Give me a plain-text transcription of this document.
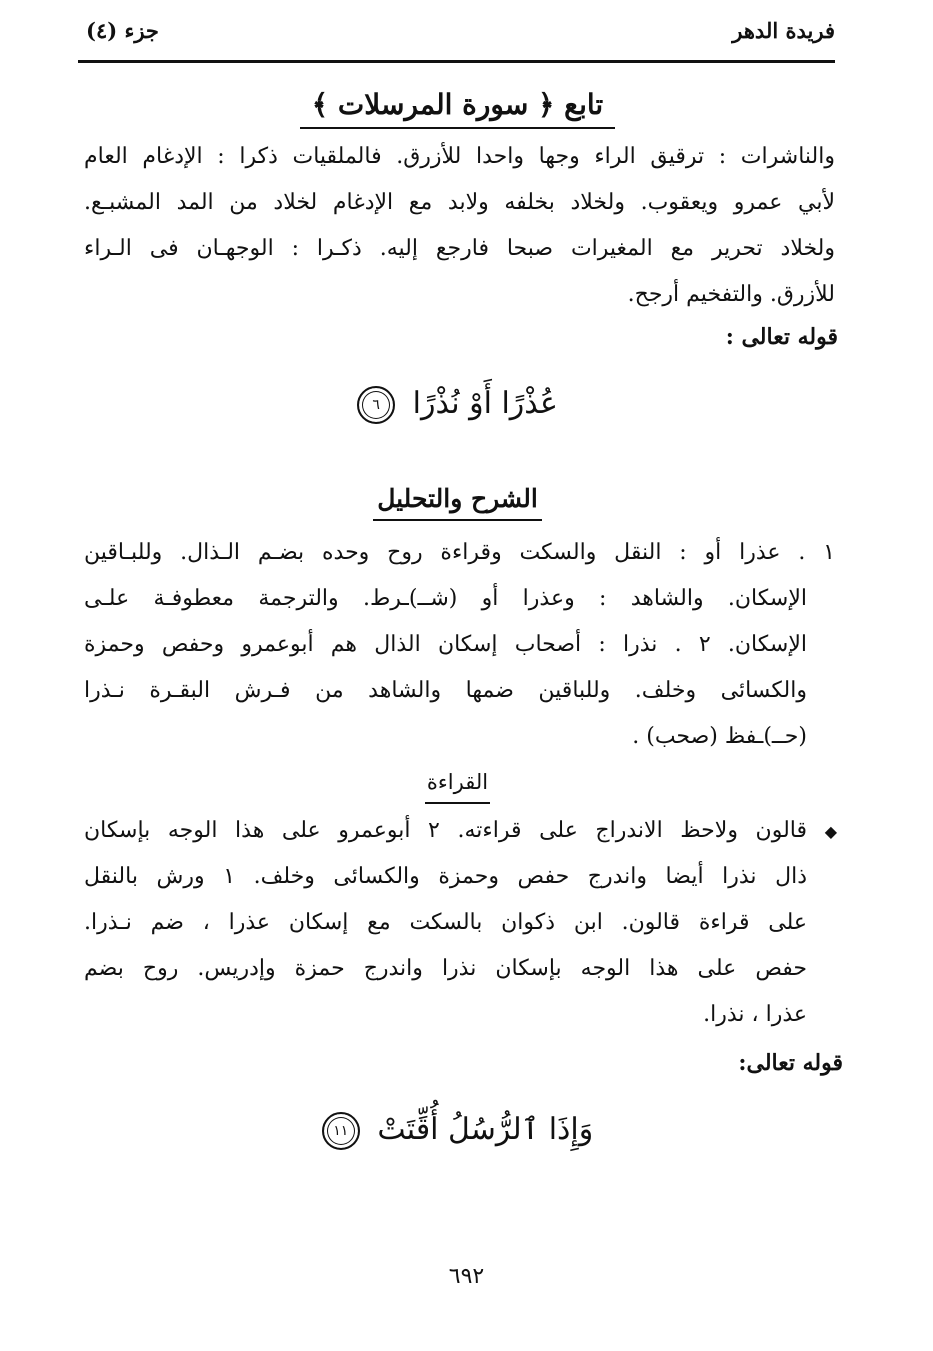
فريدة الدهر
جزء (٤)
تابع ﴿ سورة المرسلات ﴾
والناشرات : ترقيق الراء وجها واحدا للأزرق. فالملقيات ذكرا : الإدغام العام
لأبي عمرو ويعقوب. ولخلاد بخلفه ولابد مع الإدغام لخلاد من المد المشبـع.
ولخلاد تحرير مع المغيرات صبحا فارجع إليه. ذكـرا : الوجهـان فى الـراء
للأزرق. والتفخيم أرجح.
قوله تعالى :
عُذْرًا أَوْ نُذْرًا ٦
الشرح والتحليل
١ . عذرا أو : النقل والسكت وقراءة روح وحده بضـم الـذال. وللبـاقين
الإسكان. والشاهد : وعذرا أو (شــ)ـرط. والترجمة معطوفـة علـى
الإسكان. ٢ . نذرا : أصحاب إسكان الذال هم أبوعمرو وحفص وحمزة
والكسائى وخلف. وللباقين ضمها والشاهد من فـرش البقـرة نـذرا
(حــ)ـفظ (صحب) .
القراءة
◆
قالون ولاحظ الاندراج على قراءته. ٢ أبوعمرو على هذا الوجه بإسكان
ذال نذرا أيضا واندرج حفص وحمزة والكسائى وخلف. ١ ورش بالنقل
على قراءة قالون. ابن ذكوان بالسكت مع إسكان عذرا ، ضم نـذرا.
حفص على هذا الوجه بإسكان نذرا واندرج حمزة وإدريس. روح بضم
عذرا ، نذرا.
قوله تعالى:
وَإِذَا ٱلرُّسُلُ أُقِّتَتْ ١١
٦٩٢
